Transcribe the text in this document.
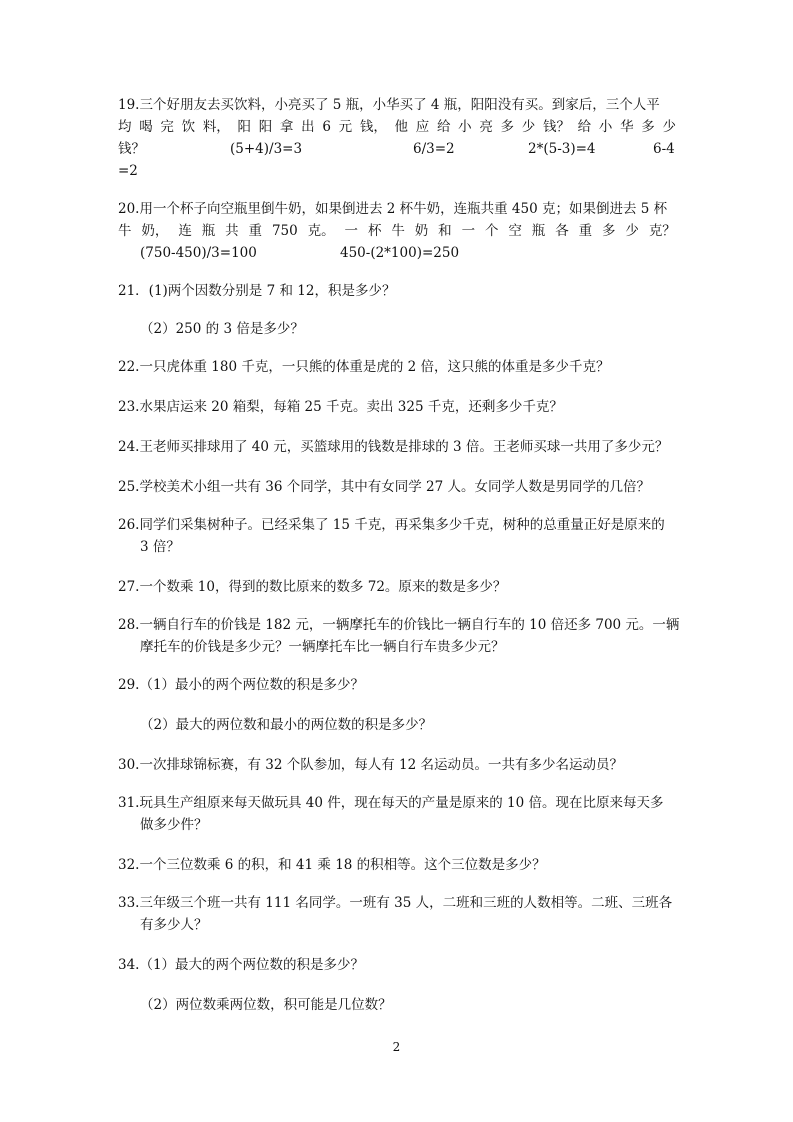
19.三个好朋友去买饮料，小亮买了 5 瓶，小华买了 4 瓶，阳阳没有买。到家后，三个人平
均 喝 完 饮 料， 阳 阳 拿 出 6 元 钱， 他 应 给 小 亮 多 少 钱？ 给 小 华 多 少
钱？	(5+4)/3=3	6/3=2	2*(5-3)=4	6-4
=2
20.用一个杯子向空瓶里倒牛奶，如果倒进去 2 杯牛奶，连瓶共重 450 克；如果倒进去 5 杯
牛 奶， 连 瓶 共 重 750 克。 一 杯 牛 奶 和 一 个 空 瓶 各 重 多 少 克？
(750-450)/3=100	450-(2*100)=250
21．(1)两个因数分别是 7 和 12，积是多少？
（2）250 的 3 倍是多少？
22.一只虎体重 180 千克，一只熊的体重是虎的 2 倍，这只熊的体重是多少千克？
23.水果店运来 20 箱梨，每箱 25 千克。卖出 325 千克，还剩多少千克？
24.王老师买排球用了 40 元，买篮球用的钱数是排球的 3 倍。王老师买球一共用了多少元？
25.学校美术小组一共有 36 个同学，其中有女同学 27 人。女同学人数是男同学的几倍？
26.同学们采集树种子。已经采集了 15 千克，再采集多少千克，树种的总重量正好是原来的
3 倍？
27.一个数乘 10，得到的数比原来的数多 72。原来的数是多少？
28.一辆自行车的价钱是 182 元，一辆摩托车的价钱比一辆自行车的 10 倍还多 700 元。一辆
摩托车的价钱是多少元？一辆摩托车比一辆自行车贵多少元？
29.（1）最小的两个两位数的积是多少？
（2）最大的两位数和最小的两位数的积是多少？
30.一次排球锦标赛，有 32 个队参加，每人有 12 名运动员。一共有多少名运动员？
31.玩具生产组原来每天做玩具 40 件，现在每天的产量是原来的 10 倍。现在比原来每天多
做多少件？
32.一个三位数乘 6 的积，和 41 乘 18 的积相等。这个三位数是多少？
33.三年级三个班一共有 111 名同学。一班有 35 人，二班和三班的人数相等。二班、三班各
有多少人？
34.（1）最大的两个两位数的积是多少？
（2）两位数乘两位数，积可能是几位数？
2
